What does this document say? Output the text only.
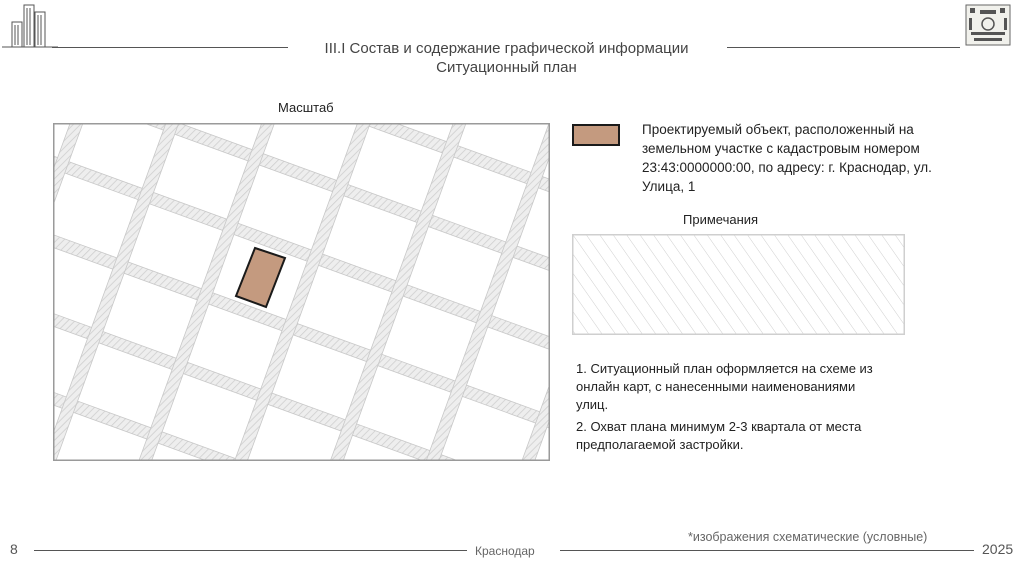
III.I Состав и содержание графической информации
Ситуационный план
Масштаб
Проектируемый объект, расположенный на земельном участке с кадастровым номером 23:43:0000000:00, по адресу: г. Краснодар, ул. Улица, 1
Примечания
1. Ситуационный план оформляется на схеме из онлайн карт, с нанесенными наименованиями улиц.
2. Охват плана минимум 2-3 квартала от места предполагаемой застройки.
*изображения схематические (условные)
8	Краснодар	2025
